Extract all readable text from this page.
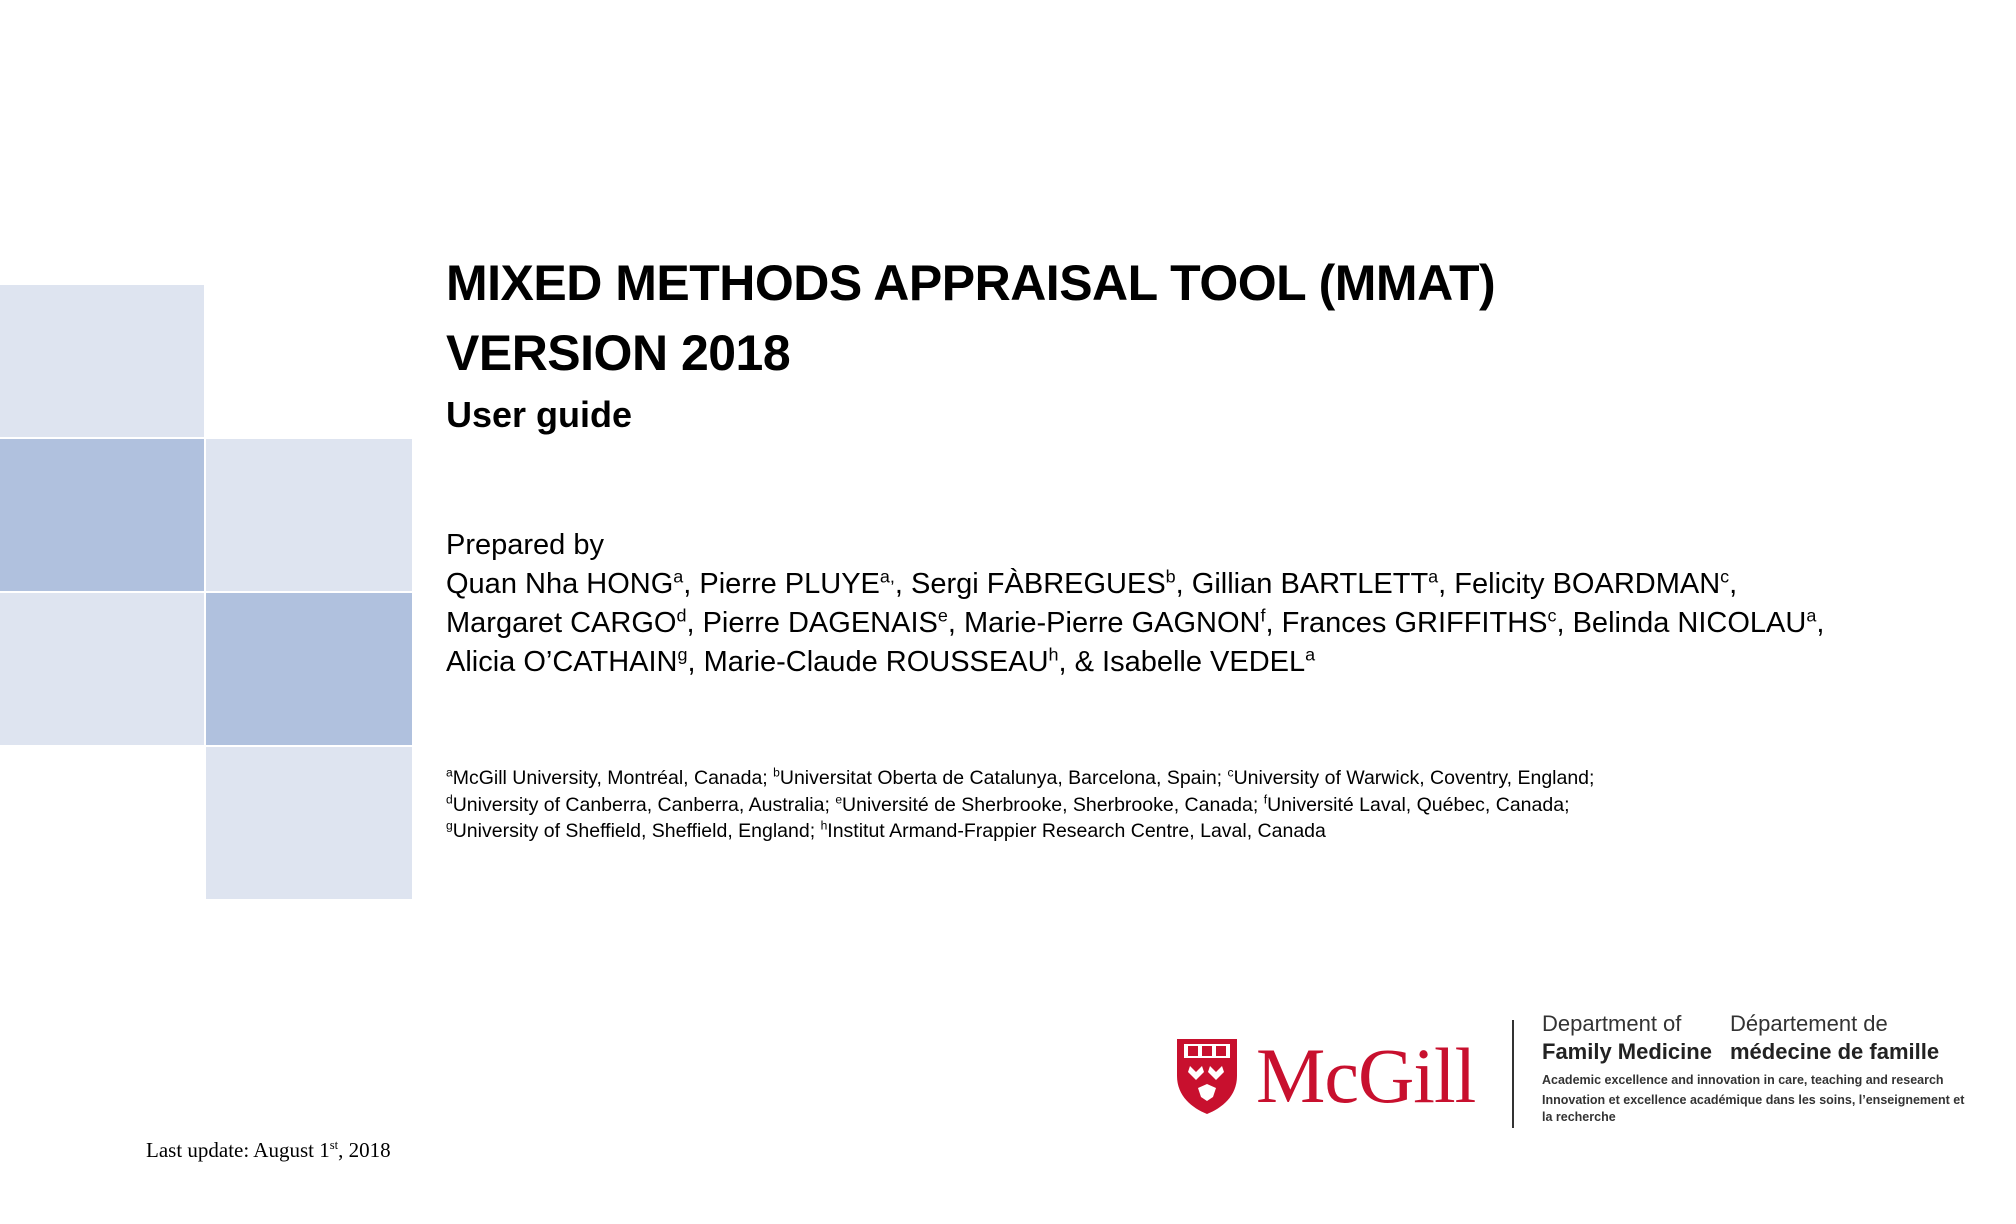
MIXED METHODS APPRAISAL TOOL (MMAT)
VERSION 2018
User guide
Prepared by
Quan Nha HONG$^a$, Pierre $PLUYE^{a,}$, Sergi FÀBREGUES$^b$, Gillian BARTLETT$^a$, Felicity BOARDMAN$^c$,
Margaret CARGO$^d$, Pierre DAGENAIS$^e$, Marie-Pierre GAGNON$^f$, Frances GRIFFITHS$^c$, Belinda NICOLAU$^a$,
Alicia O’CATHAIN$^g$, Marie-Claude ROUSSEAU$^h$, & Isabelle VEDEL$^a$
$^a$McGill University, Montréal, Canada; $^b$Universitat Oberta de Catalunya, Barcelona, Spain; $^c$University of Warwick, Coventry, England;
$^d$University of Canberra, Canberra, Australia; $^e$Université de Sherbrooke, Sherbrooke, Canada; $^f$Université Laval, Québec, Canada;
$^g$University of Sheffield, Sheffield, England; $^h$Institut Armand-Frappier Research Centre, Laval, Canada
McGill
Department of
Family Medicine
Département de
médecine de famille
Academic excellence and innovation in care, teaching and research
Innovation et excellence académique dans les soins, l’enseignement et
la recherche
Last update: August 1st, 2018
